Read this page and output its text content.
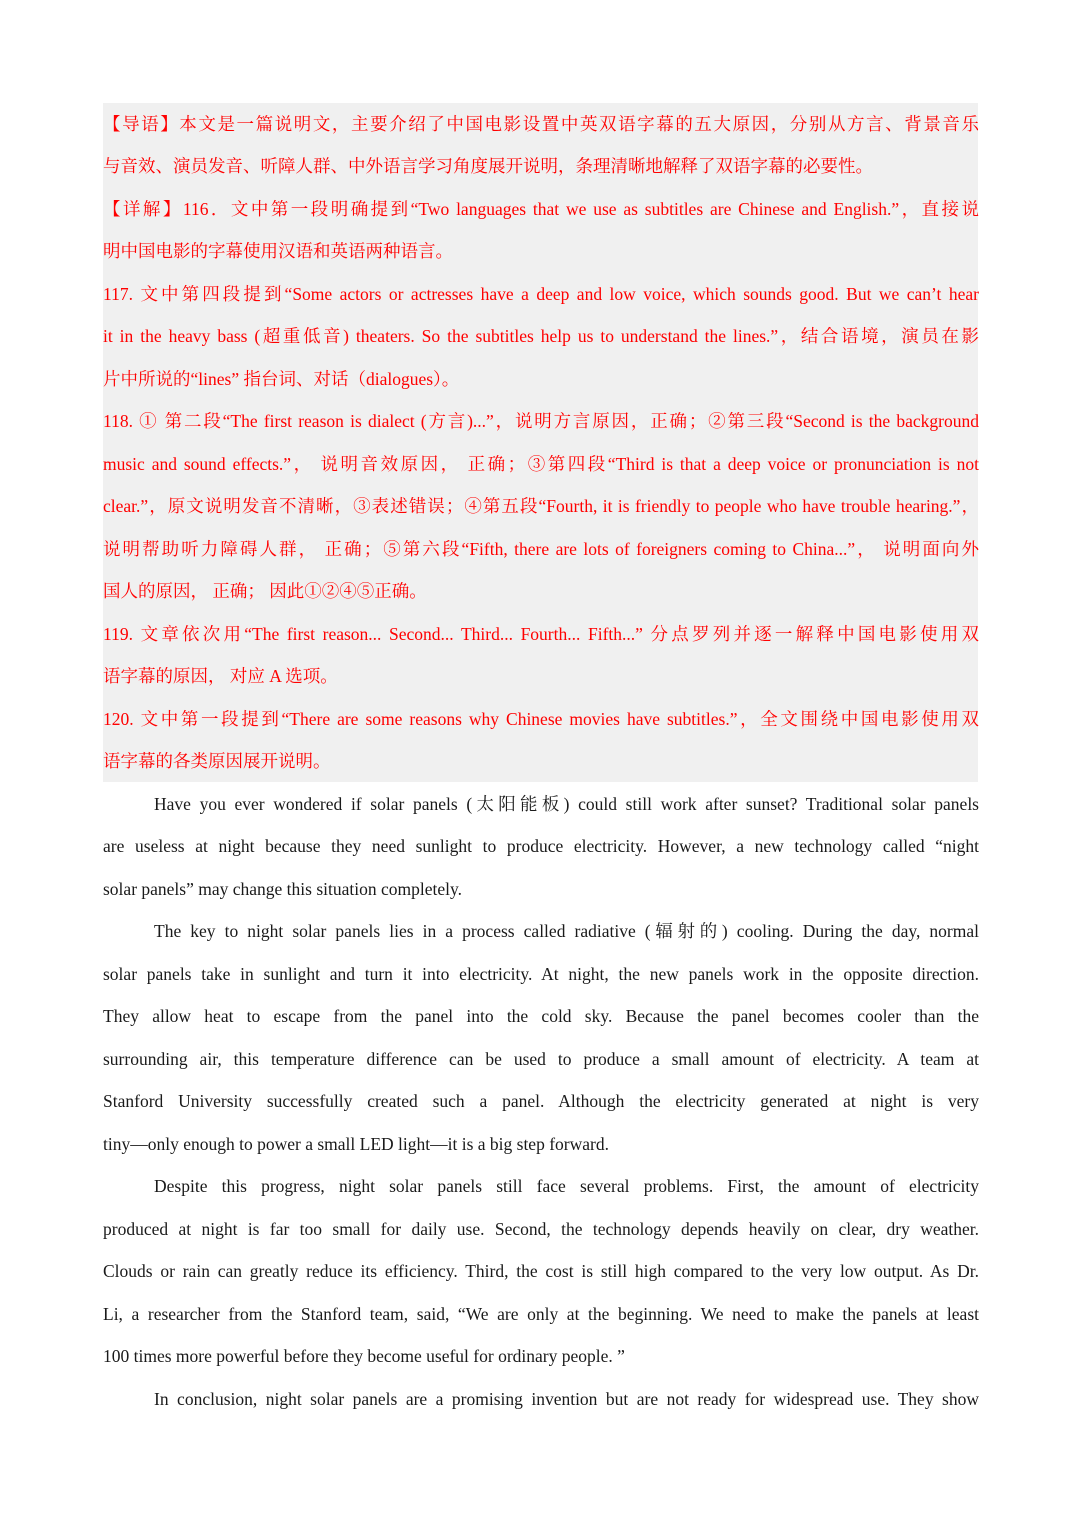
【导语】本文是一篇说明文，主要介绍了中国电影设置中英双语字幕的五大原因，分别从方言、背景音乐
与音效、演员发音、听障人群、中外语言学习角度展开说明，条理清晰地解释了双语字幕的必要性。
【详解】116．文中第一段明确提到“Two languages that we use as subtitles are Chinese and English.”，直接说
明中国电影的字幕使用汉语和英语两种语言。
117. 文中第四段提到“Some actors or actresses have a deep and low voice, which sounds good. But we can’t hear
it in the heavy bass (超重低音) theaters. So the subtitles help us to understand the lines.”，结合语境，演员在影
片中所说的“lines” 指台词、对话（dialogues）。
118. ① 第二段“The first reason is dialect (方言)...”，说明方言原因，正确；②第三段“Second is the background
music and sound effects.”， 说明音效原因， 正确；③第四段“Third is that a deep voice or pronunciation is not
clear.”，原文说明发音不清晰，③表述错误；④第五段“Fourth, it is friendly to people who have trouble hearing.”，
说明帮助听力障碍人群， 正确；⑤第六段“Fifth, there are lots of foreigners coming to China...”， 说明面向外
国人的原因， 正确； 因此①②④⑤正确。
119. 文章依次用“The first reason... Second... Third... Fourth... Fifth...” 分点罗列并逐一解释中国电影使用双
语字幕的原因， 对应 A 选项。
120. 文中第一段提到“There are some reasons why Chinese movies have subtitles.”，全文围绕中国电影使用双
语字幕的各类原因展开说明。
Have you ever wondered if solar panels (太阳能板) could still work after sunset? Traditional solar panels
are useless at night because they need sunlight to produce electricity. However, a new technology called “night
solar panels” may change this situation completely.
The key to night solar panels lies in a process called radiative (辐射的) cooling. During the day, normal
solar panels take in sunlight and turn it into electricity. At night, the new panels work in the opposite direction.
They allow heat to escape from the panel into the cold sky. Because the panel becomes cooler than the
surrounding air, this temperature difference can be used to produce a small amount of electricity. A team at
Stanford University successfully created such a panel. Although the electricity generated at night is very
tiny—only enough to power a small LED light—it is a big step forward.
Despite this progress, night solar panels still face several problems. First, the amount of electricity
produced at night is far too small for daily use. Second, the technology depends heavily on clear, dry weather.
Clouds or rain can greatly reduce its efficiency. Third, the cost is still high compared to the very low output. As Dr.
Li, a researcher from the Stanford team, said, “We are only at the beginning. We need to make the panels at least
100 times more powerful before they become useful for ordinary people. ”
In conclusion, night solar panels are a promising invention but are not ready for widespread use. They show
